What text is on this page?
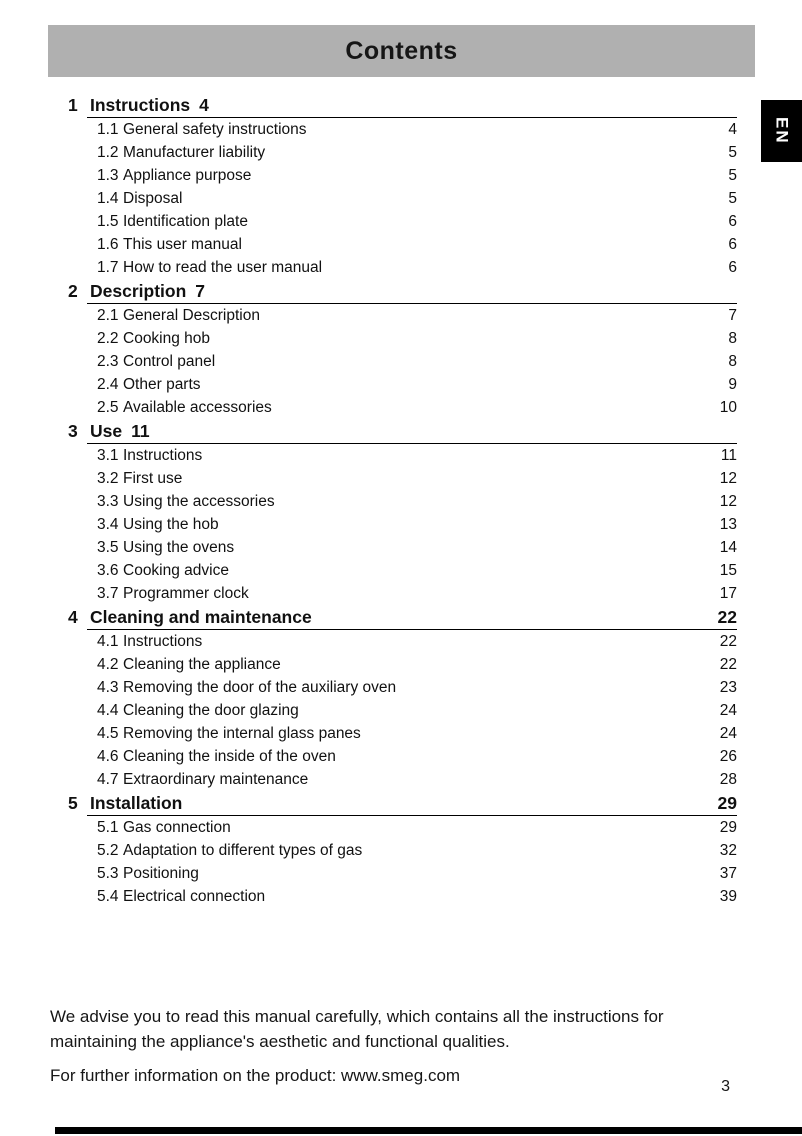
Contents
EN
1 Instructions 4
1.1 General safety instructions	4
1.2 Manufacturer liability	5
1.3 Appliance purpose	5
1.4 Disposal	5
1.5 Identification plate	6
1.6 This user manual	6
1.7 How to read the user manual	6
2 Description 7
2.1 General Description	7
2.2 Cooking hob	8
2.3 Control panel	8
2.4 Other parts	9
2.5 Available accessories	10
3 Use 11
3.1 Instructions	11
3.2 First use	12
3.3 Using the accessories	12
3.4 Using the hob	13
3.5 Using the ovens	14
3.6 Cooking advice	15
3.7 Programmer clock	17
4 Cleaning and maintenance	22
4.1 Instructions	22
4.2 Cleaning the appliance	22
4.3 Removing the door of the auxiliary oven	23
4.4 Cleaning the door glazing	24
4.5 Removing the internal glass panes	24
4.6 Cleaning the inside of the oven	26
4.7 Extraordinary maintenance	28
5 Installation	29
5.1 Gas connection	29
5.2 Adaptation to different types of gas	32
5.3 Positioning	37
5.4 Electrical connection	39

We advise you to read this manual carefully, which contains all the instructions for maintaining the appliance's aesthetic and functional qualities.

For further information on the product: www.smeg.com

3
